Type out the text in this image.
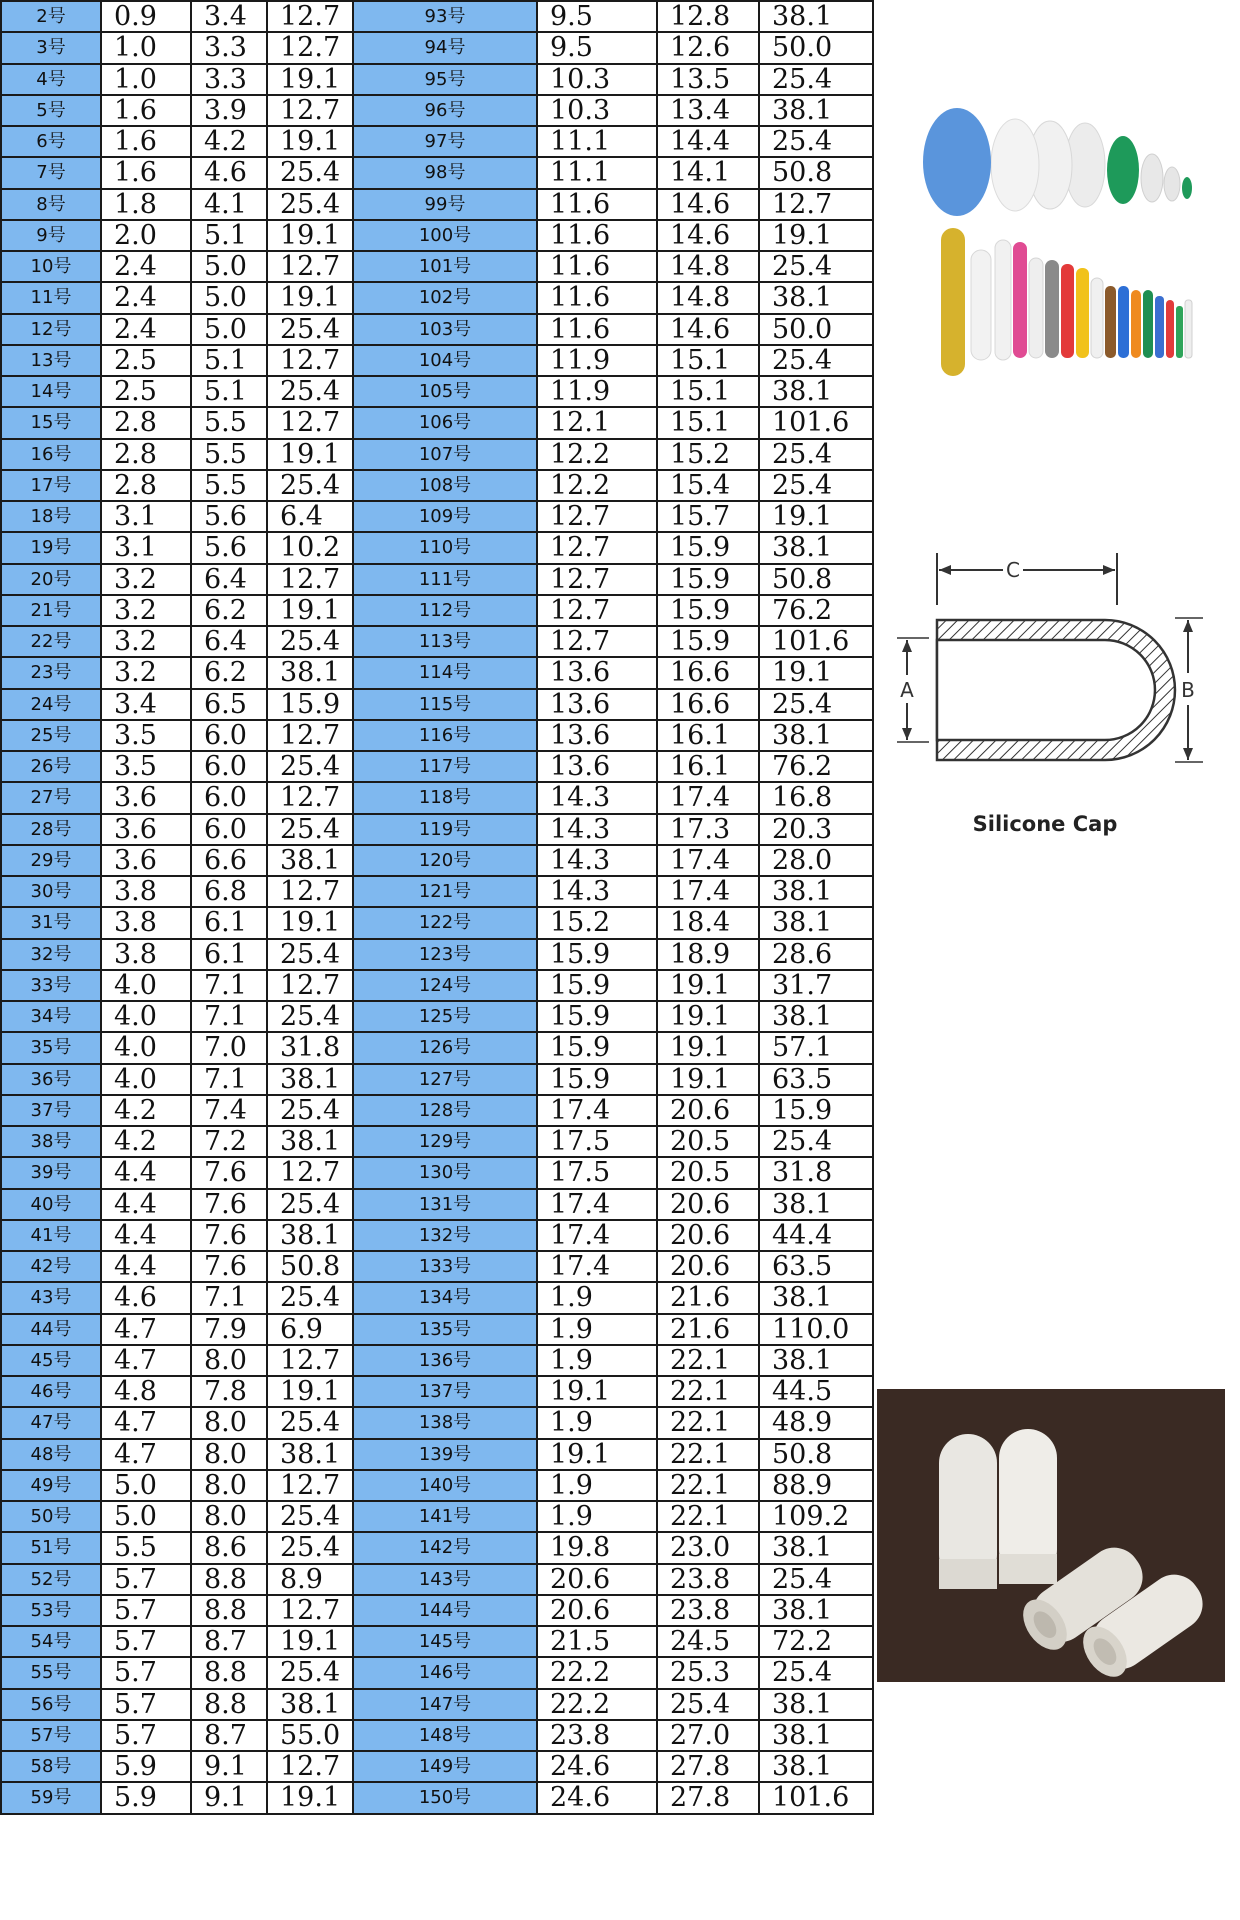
2号	0.9	3.4	12.7	
3号	1.0	3.3	12.7	
4号	1.0	3.3	19.1	
5号	1.6	3.9	12.7	
6号	1.6	4.2	19.1	
7号	1.6	4.6	25.4	
8号	1.8	4.1	25.4	
9号	2.0	5.1	19.1	
10号	2.4	5.0	12.7	
11号	2.4	5.0	19.1	
12号	2.4	5.0	25.4	
13号	2.5	5.1	12.7	
14号	2.5	5.1	25.4	
15号	2.8	5.5	12.7	
16号	2.8	5.5	19.1	
17号	2.8	5.5	25.4	
18号	3.1	5.6	6.4	
19号	3.1	5.6	10.2	
20号	3.2	6.4	12.7	
21号	3.2	6.2	19.1	
22号	3.2	6.4	25.4	
23号	3.2	6.2	38.1	
24号	3.4	6.5	15.9	
25号	3.5	6.0	12.7	
26号	3.5	6.0	25.4	
27号	3.6	6.0	12.7	
28号	3.6	6.0	25.4	
29号	3.6	6.6	38.1	
30号	3.8	6.8	12.7	
31号	3.8	6.1	19.1	
32号	3.8	6.1	25.4	
33号	4.0	7.1	12.7	
34号	4.0	7.1	25.4	
35号	4.0	7.0	31.8	
36号	4.0	7.1	38.1	
37号	4.2	7.4	25.4	
38号	4.2	7.2	38.1	
39号	4.4	7.6	12.7	
40号	4.4	7.6	25.4	
41号	4.4	7.6	38.1	
42号	4.4	7.6	50.8	
43号	4.6	7.1	25.4	
44号	4.7	7.9	6.9	
45号	4.7	8.0	12.7	
46号	4.8	7.8	19.1	
47号	4.7	8.0	25.4	
48号	4.7	8.0	38.1	
49号	5.0	8.0	12.7	
50号	5.0	8.0	25.4	
51号	5.5	8.6	25.4	
52号	5.7	8.8	8.9	
53号	5.7	8.8	12.7	
54号	5.7	8.7	19.1	
55号	5.7	8.8	25.4	
56号	5.7	8.8	38.1	
57号	5.7	8.7	55.0	
58号	5.9	9.1	12.7	
59号	5.9	9.1	19.1	
93号	9.5	12.8	38.1
94号	9.5	12.6	50.0
95号	10.3	13.5	25.4
96号	10.3	13.4	38.1
97号	11.1	14.4	25.4
98号	11.1	14.1	50.8
99号	11.6	14.6	12.7
100号	11.6	14.6	19.1
101号	11.6	14.8	25.4
102号	11.6	14.8	38.1
103号	11.6	14.6	50.0
104号	11.9	15.1	25.4
105号	11.9	15.1	38.1
106号	12.1	15.1	101.6
107号	12.2	15.2	25.4
108号	12.2	15.4	25.4
109号	12.7	15.7	19.1
110号	12.7	15.9	38.1
111号	12.7	15.9	50.8
112号	12.7	15.9	76.2
113号	12.7	15.9	101.6
114号	13.6	16.6	19.1
115号	13.6	16.6	25.4
116号	13.6	16.1	38.1
117号	13.6	16.1	76.2
118号	14.3	17.4	16.8
119号	14.3	17.3	20.3
120号	14.3	17.4	28.0
121号	14.3	17.4	38.1
122号	15.2	18.4	38.1
123号	15.9	18.9	28.6
124号	15.9	19.1	31.7
125号	15.9	19.1	38.1
126号	15.9	19.1	57.1
127号	15.9	19.1	63.5
128号	17.4	20.6	15.9
129号	17.5	20.5	25.4
130号	17.5	20.5	31.8
131号	17.4	20.6	38.1
132号	17.4	20.6	44.4
133号	17.4	20.6	63.5
134号	1.9	21.6	38.1
135号	1.9	21.6	110.0
136号	1.9	22.1	38.1
137号	19.1	22.1	44.5
138号	1.9	22.1	48.9
139号	19.1	22.1	50.8
140号	1.9	22.1	88.9
141号	1.9	22.1	109.2
142号	19.8	23.0	38.1
143号	20.6	23.8	25.4
144号	20.6	23.8	38.1
145号	21.5	24.5	72.2
146号	22.2	25.3	25.4
147号	22.2	25.4	38.1
148号	23.8	27.0	38.1
149号	24.6	27.8	38.1
150号	24.6	27.8	101.6
C
A	B
Silicone Cap
